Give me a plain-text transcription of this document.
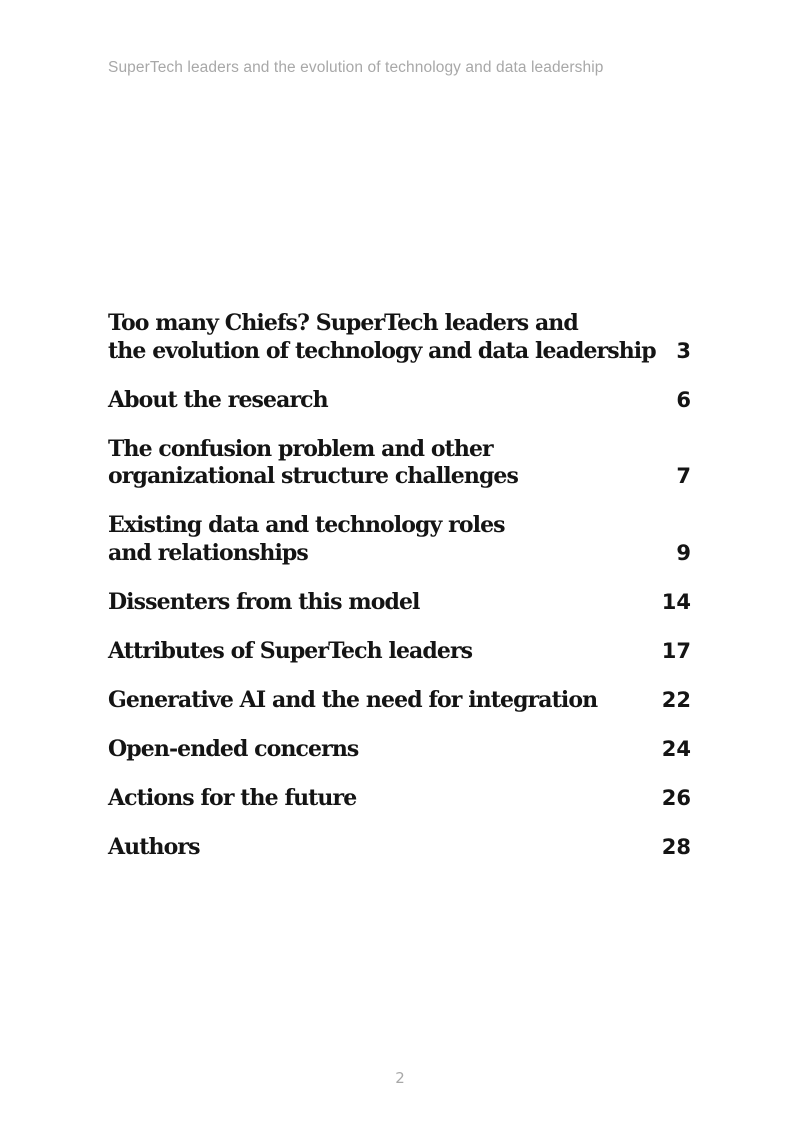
SuperTech leaders and the evolution of technology and data leadership
Too many Chiefs? SuperTech leaders and
the evolution of technology and data leadership 3
About the research	6
The confusion problem and other
organizational structure challenges	7
Existing data and technology roles
and relationships	9
Dissenters from this model	14
Attributes of SuperTech leaders	17
Generative AI and the need for integration	22
Open-ended concerns	24
Actions for the future	26
Authors	28
2
